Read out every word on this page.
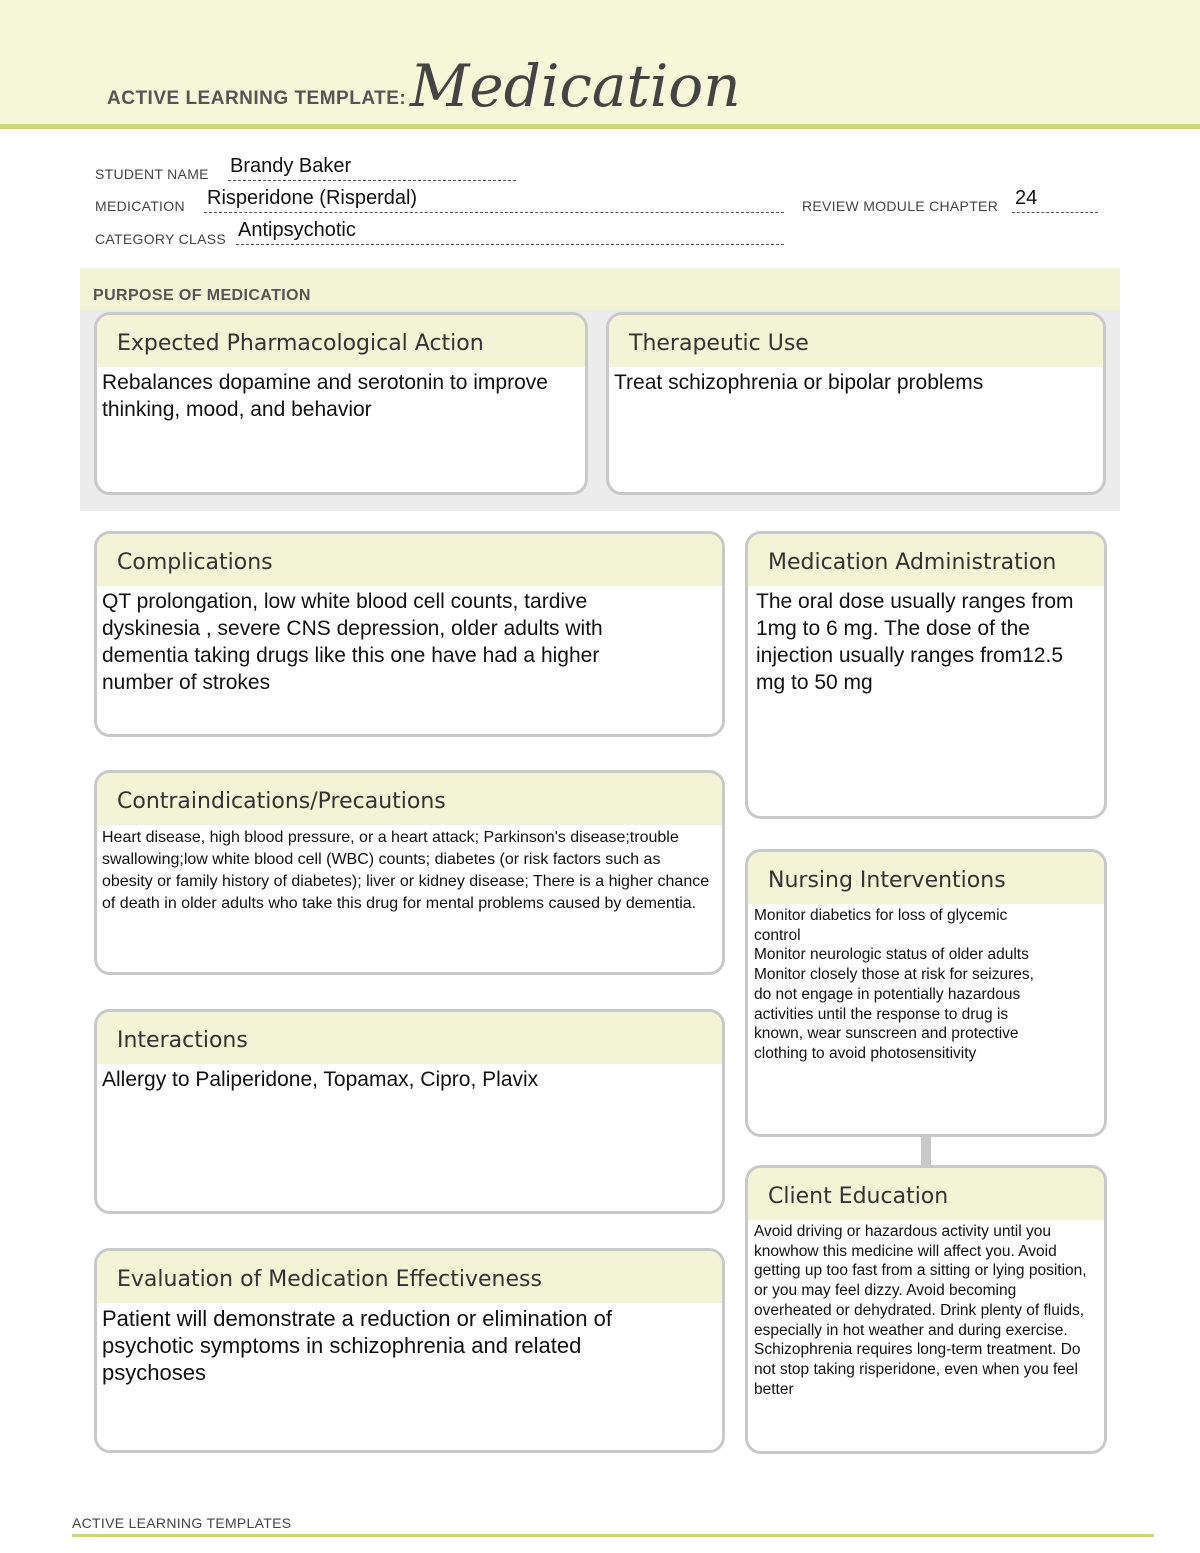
ACTIVE LEARNING TEMPLATE: Medication
STUDENT NAME Brandy Baker
MEDICATION Risperidone (Risperdal)	REVIEW MODULE CHAPTER 24
CATEGORY CLASS Antipsychotic
PURPOSE OF MEDICATION
Expected Pharmacological Action
Rebalances dopamine and serotonin to improve thinking, mood, and behavior
Therapeutic Use
Treat schizophrenia or bipolar problems
Complications
QT prolongation, low white blood cell counts, tardive dyskinesia , severe CNS depression, older adults with dementia taking drugs like this one have had a higher number of strokes
Contraindications/Precautions
Heart disease, high blood pressure, or a heart attack; Parkinson's disease;trouble swallowing;low white blood cell (WBC) counts; diabetes (or risk factors such as obesity or family history of diabetes); liver or kidney disease; There is a higher chance of death in older adults who take this drug for mental problems caused by dementia.
Interactions
Allergy to Paliperidone, Topamax, Cipro, Plavix
Evaluation of Medication Effectiveness
Patient will demonstrate a reduction or elimination of psychotic symptoms in schizophrenia and related psychoses
Medication Administration
The oral dose usually ranges from 1mg to 6 mg. The dose of the injection usually ranges from12.5 mg to 50 mg
Nursing Interventions
Monitor diabetics for loss of glycemic control
Monitor neurologic status of older adults
Monitor closely those at risk for seizures, do not engage in potentially hazardous activities until the response to drug is known, wear sunscreen and protective clothing to avoid photosensitivity
Client Education
Avoid driving or hazardous activity until you knowhow this medicine will affect you. Avoid getting up too fast from a sitting or lying position, or you may feel dizzy. Avoid becoming overheated or dehydrated. Drink plenty of fluids, especially in hot weather and during exercise. Schizophrenia requires long-term treatment. Do not stop taking risperidone, even when you feel better
ACTIVE LEARNING TEMPLATES
